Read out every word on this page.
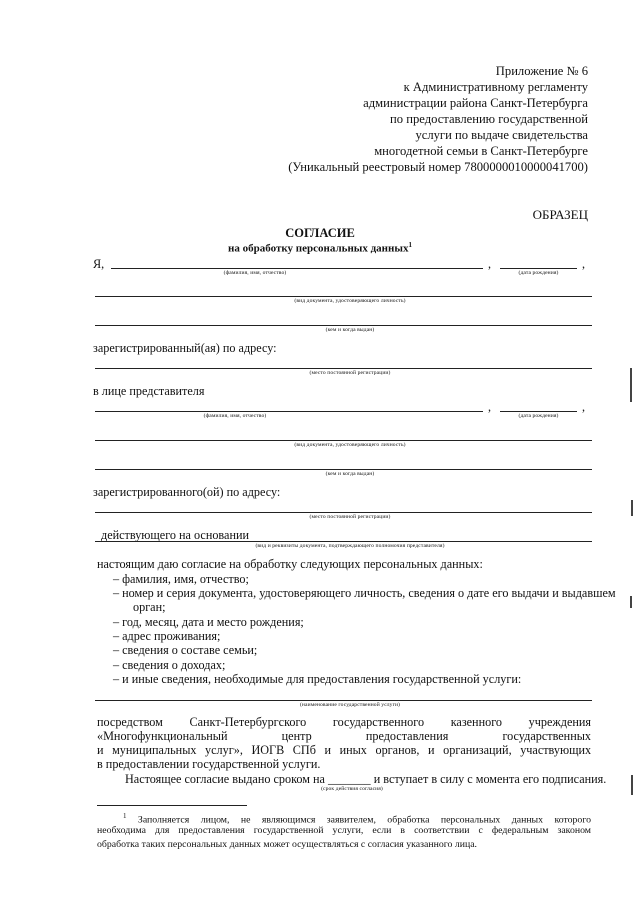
Приложение № 6
к Административному регламенту
администрации района Санкт-Петербурга
по предоставлению государственной
услуги по выдаче свидетельства
многодетной семьи в Санкт-Петербурге
(Уникальный реестровый номер 7800000010000041700)
ОБРАЗЕЦ
СОГЛАСИЕ
на обработку персональных данных$^1$
Я,	,	,
(фамилия, имя, отчество)	(дата рождения)
(вид документа, удостоверяющего личность)
(кем и когда выдан)
зарегистрированный(ая) по адресу:
(место постоянной регистрации)
в лице представителя
,	,
(фамилия, имя, отчество)	(дата рождения)
(вид документа, удостоверяющего личность)
(кем и когда выдан)
зарегистрированного(ой) по адресу:
(место постоянной регистрации)
действующего на основании
(вид и реквизиты документа, подтверждающего полномочия представителя)
настоящим даю согласие на обработку следующих персональных данных:
– фамилия, имя, отчество;
– номер и серия документа, удостоверяющего личность, сведения о дате его выдачи и выдавшем
орган;
– год, месяц, дата и место рождения;
– адрес проживания;
– сведения о составе семьи;
– сведения о доходах;
– и иные сведения, необходимые для предоставления государственной услуги:
(наименование государственной услуги)
посредством Санкт-Петербургского государственного казенного учреждения
«Многофункциональный	центр	предоставления	государственных
и муниципальных услуг», ИОГВ СПб и иных органов, и организаций, участвующих
в предоставлении государственной услуги.
Настоящее согласие выдано сроком на _______ и вступает в силу с момента его подписания.
(срок действия согласия)
$^1$ Заполняется лицом, не являющимся заявителем, обработка персональных данных которого
необходима для предоставления государственной услуги, если в соответствии с федеральным законом
обработка таких персональных данных может осуществляться с согласия указанного лица.
